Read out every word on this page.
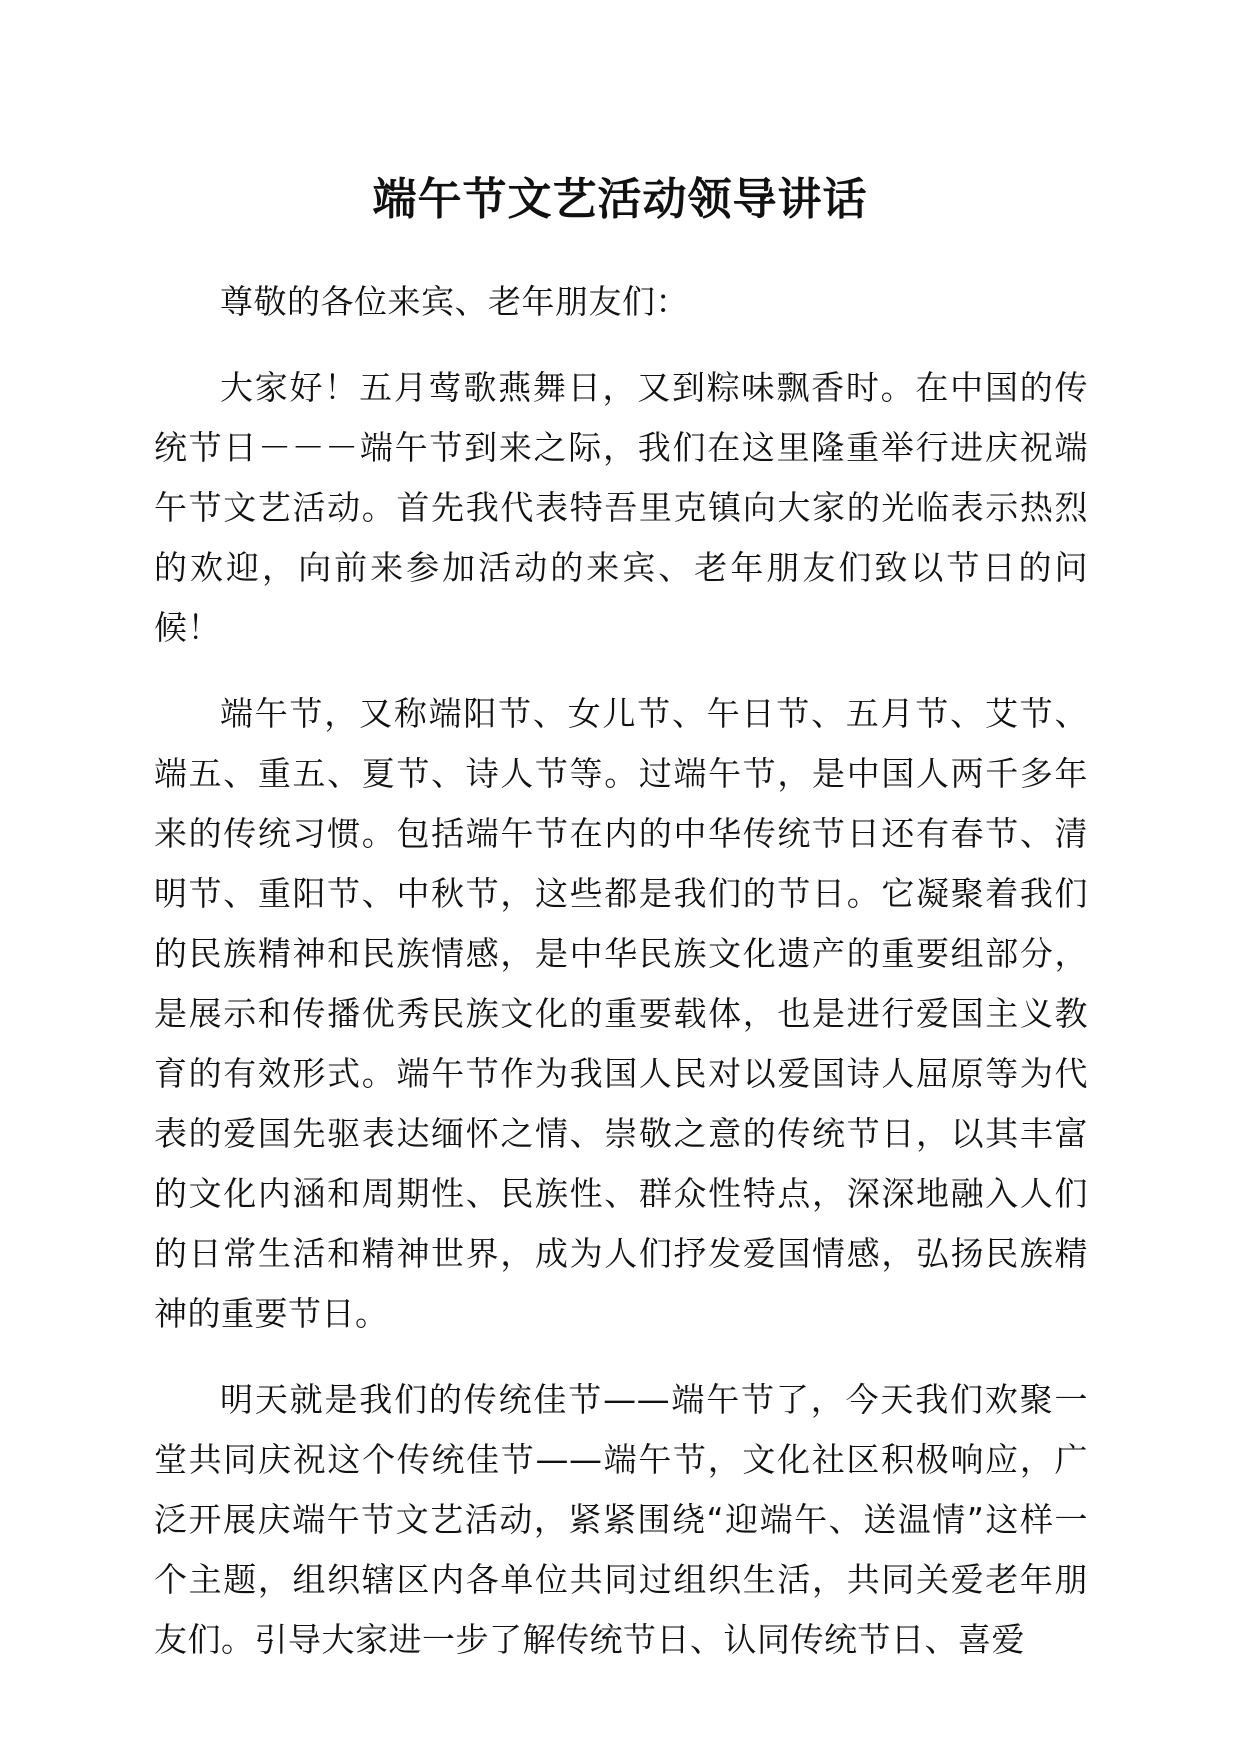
端午节文艺活动领导讲话

尊敬的各位来宾、老年朋友们：

大家好！五月莺歌燕舞日，又到粽味飘香时。在中国的传统节日－－－端午节到来之际，我们在这里隆重举行进庆祝端午节文艺活动。首先我代表特吾里克镇向大家的光临表示热烈的欢迎，向前来参加活动的来宾、老年朋友们致以节日的问候！

端午节，又称端阳节、女儿节、午日节、五月节、艾节、端五、重五、夏节、诗人节等。过端午节，是中国人两千多年来的传统习惯。包括端午节在内的中华传统节日还有春节、清明节、重阳节、中秋节，这些都是我们的节日。它凝聚着我们的民族精神和民族情感，是中华民族文化遗产的重要组部分，是展示和传播优秀民族文化的重要载体，也是进行爱国主义教育的有效形式。端午节作为我国人民对以爱国诗人屈原等为代表的爱国先驱表达缅怀之情、崇敬之意的传统节日，以其丰富的文化内涵和周期性、民族性、群众性特点，深深地融入人们的日常生活和精神世界，成为人们抒发爱国情感，弘扬民族精神的重要节日。

明天就是我们的传统佳节——端午节了，今天我们欢聚一堂共同庆祝这个传统佳节——端午节，文化社区积极响应，广泛开展庆端午节文艺活动，紧紧围绕“迎端午、送温情”这样一个主题，组织辖区内各单位共同过组织生活，共同关爱老年朋友们。引导大家进一步了解传统节日、认同传统节日、喜爱
